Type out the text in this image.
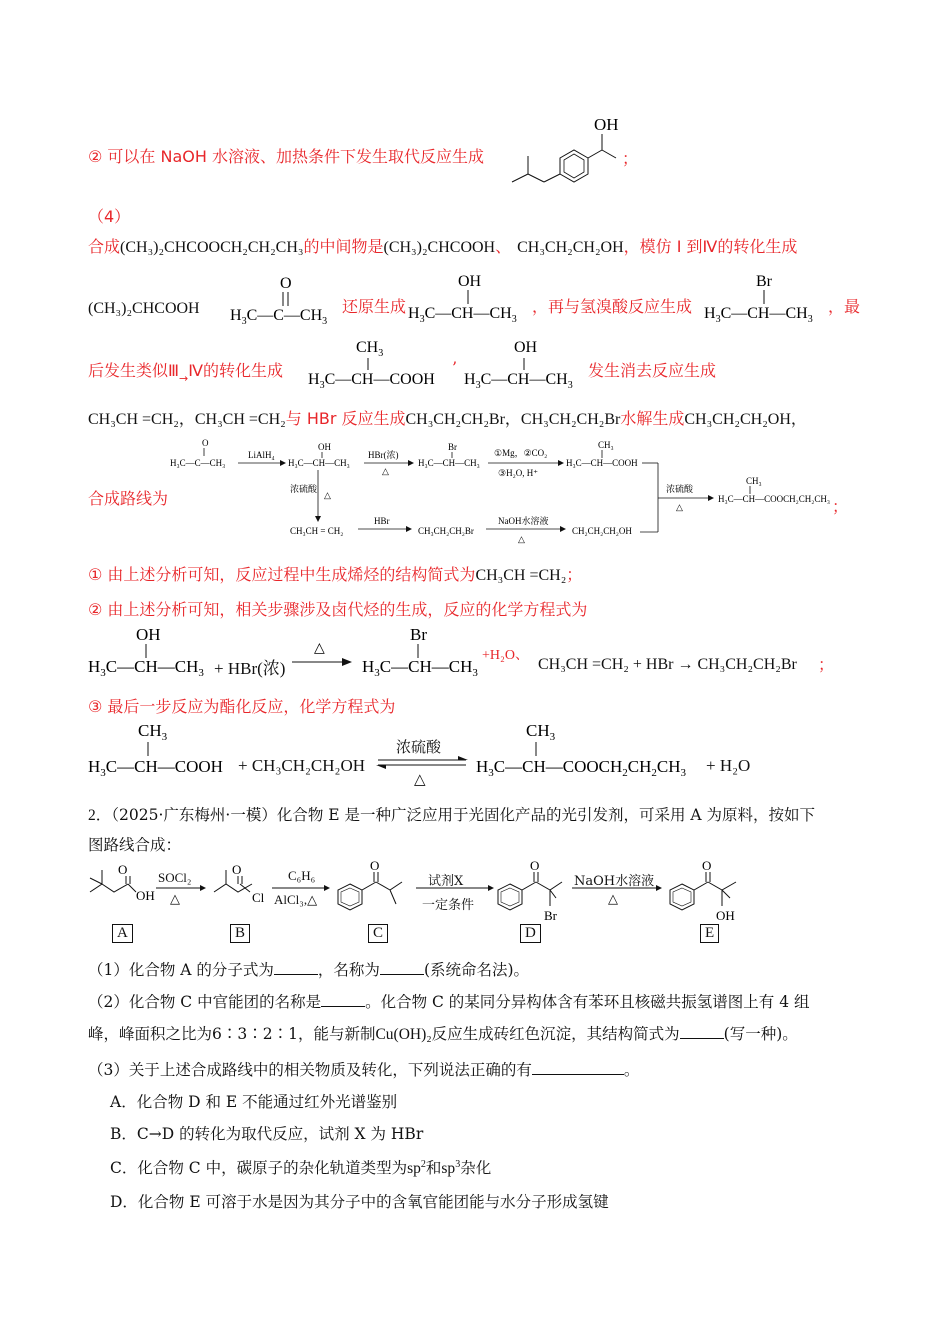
② 可以在 NaOH 水溶液、加热条件下发生取代反应生成
OH
；
（4）
合成(CH₃)₂CHCOOCH₂CH₂CH₃的中间物是(CH₃)₂CHCOOH、 CH₃CH₂CH₂OH，模仿 I 到Ⅳ的转化生成
(CH₃)₂CHCOOH
O
$H_3C—C—CH_3$
还原生成
OH
$H_3C—CH—CH_3$
，再与氢溴酸反应生成
Br
$H_3C—CH—CH_3$
，最
后发生类似$Ⅲ_\to Ⅳ$的转化生成
$CH_3$
$H_3C—CH—COOH$
’
OH
$H_3C—CH—CH_3$
发生消去反应生成
CH₃CH =CH₂，CH₃CH =CH₂与 HBr 反应生成CH₃CH₂CH₂Br，CH₃CH₂CH₂Br水解生成CH₃CH₂CH₂OH，
O
H₃C—C—CH₃
LiAlH₄
OH
H₃C—CH—CH₃
HBr(浓)
△
Br
H₃C—CH—CH₃
①Mg，②CO₂
③H₂O, H⁺
CH₃
H₃C—CH—COOH
浓硫酸
△
CH₃CH = CH₂
HBr
CH₃CH₂CH₂Br
NaOH水溶液
△
CH₂CH₂CH₂OH
浓硫酸
△
CH₃
H₃C—CH—COOCH₂CH₂CH₃
合成路线为	；
① 由上述分析可知，反应过程中生成烯烃的结构简式为CH₃CH =CH₂；
② 由上述分析可知，相关步骤涉及卤代烃的生成，反应的化学方程式为
OH
$H_3C—CH—CH_3 + HBr$(浓)
△
Br
$H_3C—CH—CH_3$
+H₂O、
CH₃CH =CH₂ + HBr → CH₃CH₂CH₂Br ；
③ 最后一步反应为酯化反应，化学方程式为
$CH_3$
$H_3C—CH—COOH + CH_3CH_2CH_2OH$
浓硫酸
△
$CH_3$
$H_3C—CH—COOCH_2CH_2CH_3 + H_2O$
2．（2025·广东梅州·一模）化合物 E 是一种广泛应用于光固化产品的光引发剂，可采用 A 为原料，按如下
图路线合成：
O
OH
O
Cl
O	O
Br
O
OH
SOCl₂
△
C₆H₆
AlCl₃,△
试剂X
一定条件
NaOH水溶液
△
A	B	C	D	E
（1）化合物 A 的分子式为	，名称为	(系统命名法)。
（2）化合物 C 中官能团的名称是	。化合物 C 的某同分异构体含有苯环且核磁共振氢谱图上有 4 组
峰，峰面积之比为6∶3∶2∶1，能与新制Cu(OH)₂反应生成砖红色沉淀，其结构简式为	(写一种)。
（3）关于上述合成路线中的相关物质及转化，下列说法正确的有	。
A．化合物 D 和 E 不能通过红外光谱鉴别
B．C→D 的转化为取代反应，试剂 X 为 HBr
C．化合物 C 中，碳原子的杂化轨道类型为$sp^2$和$sp^3$杂化
D．化合物 E 可溶于水是因为其分子中的含氧官能团能与水分子形成氢键
